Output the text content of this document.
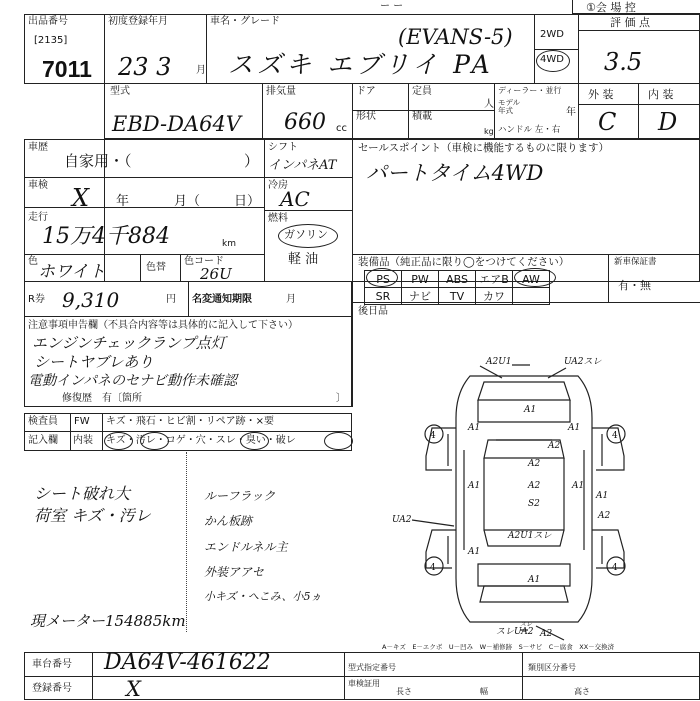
ー ー	①会 場 控
出品番号
[2135]
7011
初度登録年月
23 3 月
車名・グレード
スズキ エブリイ PA
(EVANS-5)	2WD
4WD
評 価 点
3.5
型式
EBD-DA64V
排気量
660 cc
ドア	定員
人
ディーラー・並行
モデル
年式	年
形状	積載
kg ハンドル 左・右
外 装	内 装
C D
車歴
自家用・（	）
シフト
インパネAT
セールスポイント（車検に機能するものに限ります）
パートタイム4WD
車検 X 年	月（	日）
冷房
AC
走行
15万4千884	km
燃料
ガソリン
軽 油
色
ホワイト	色替
色コード
26U
装備品（純正品に限り◯をつけてください）	新車保証書
有・無
PS	PW	ABS	エアB	AW
SR	ナビ	TV	カワ	
後日品
R券 9,310	円 名変通知期限	月
注意事項申告欄（不具合内容等は具体的に記入して下さい）
エンジンチェックランプ点灯
シートヤブレあり
電動インパネのセナビ動作未確認
修復歴　有〔箇所	〕
検査員 FW キズ・飛石・ヒビ割・リペア跡・×要
記入欄 内装 キズ・汚レ・コゲ・穴・スレ・臭い・破レ
シート破れ大
荷室 キズ・汚レ
現メーター154885km
ルーフラック
かん板跡
エンドルネル主
外装アアセ
小キズ・へこみ、小5ヵ
A2U1	UA2スレ
A1
A1	A1
A1	A1
A1
A1
A1
A2
A2
A2
A2
S2
UA2
A2U1スレ
スレUA2
スレ
A2
4	4
4	4
A－キズ　E－エクボ　U－凹み　W－補修跡　S－サビ　C－腐食　XX－交換済
車台番号 DA64V-461622
登録番号	X
型式指定番号	類別区分番号
車検証用
長さ	幅	高さ
